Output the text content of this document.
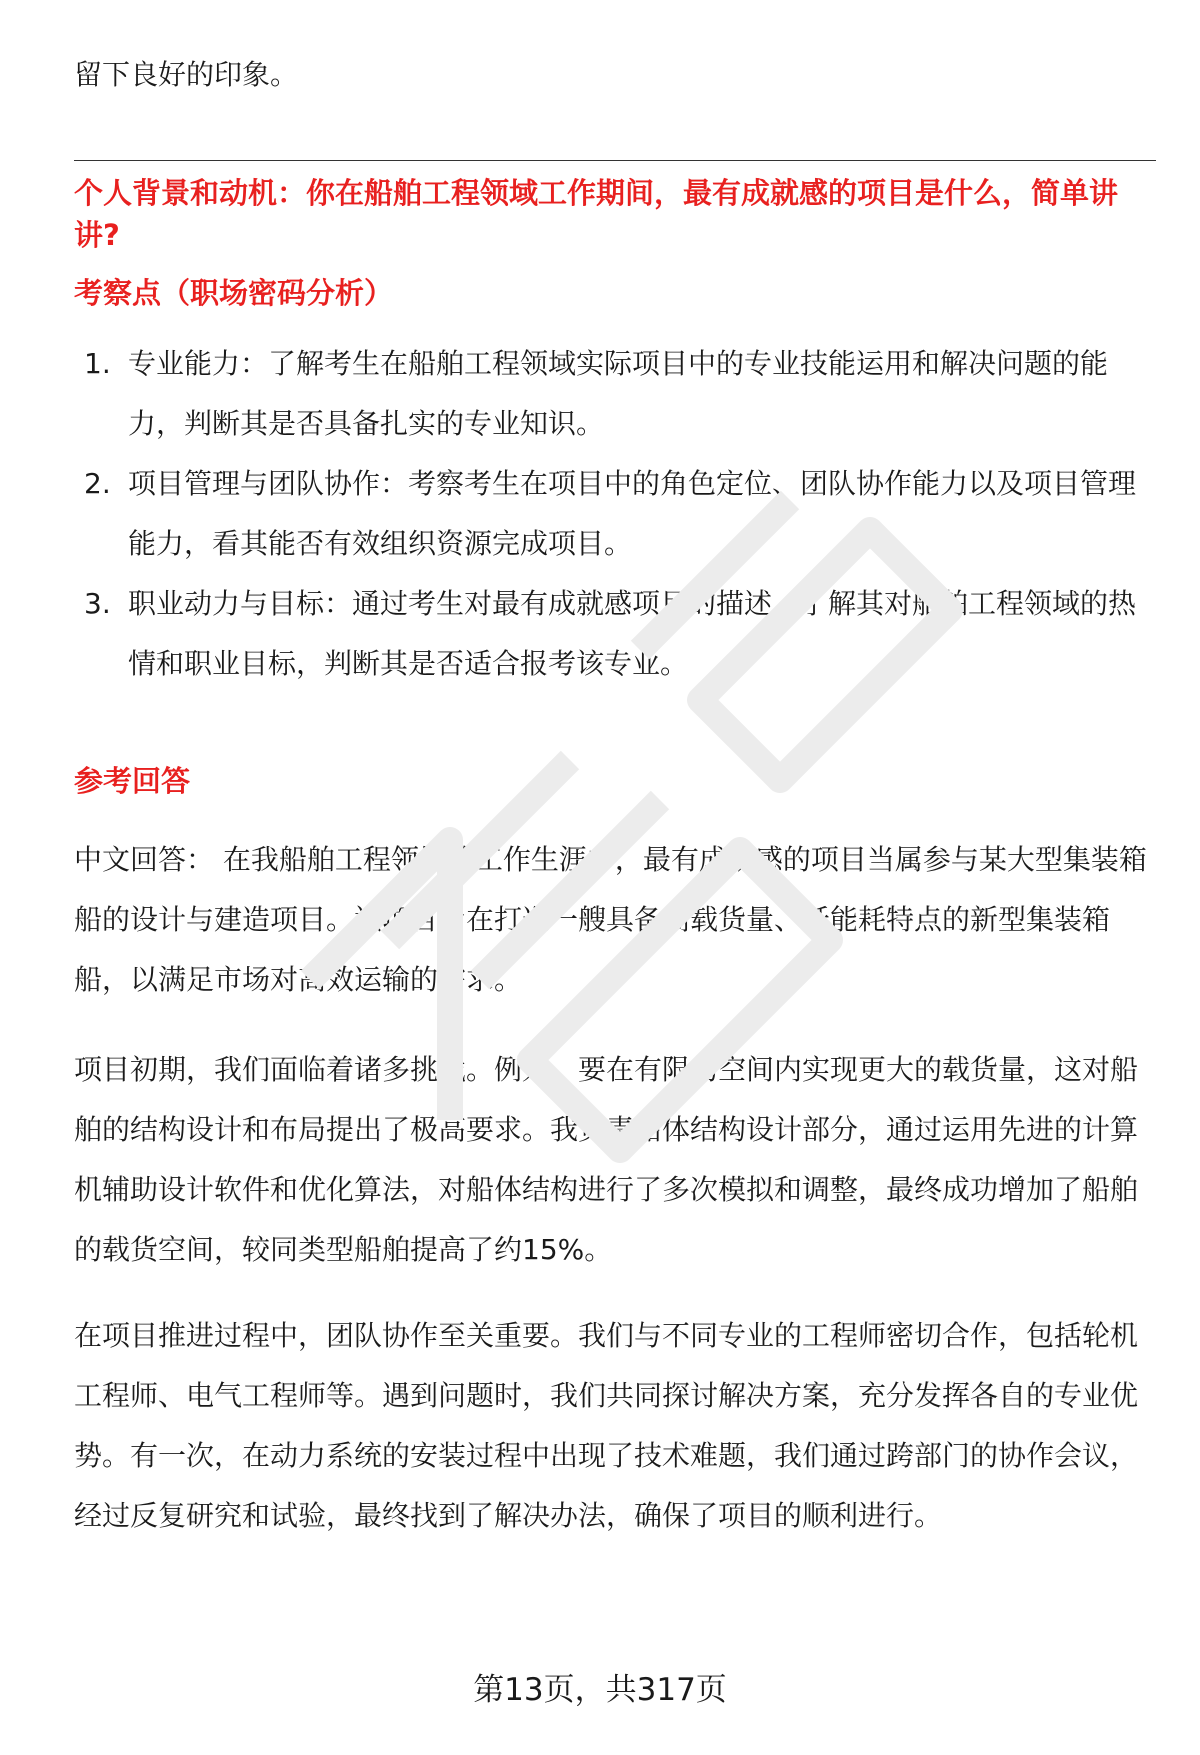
留下良好的印象。

个人背景和动机：你在船舶工程领域工作期间，最有成就感的项目是什么，简单讲讲?
考察点（职场密码分析）
1. 专业能力：了解考生在船舶工程领域实际项目中的专业技能运用和解决问题的能力，判断其是否具备扎实的专业知识。
2. 项目管理与团队协作：考察考生在项目中的角色定位、团队协作能力以及项目管理能力，看其能否有效组织资源完成项目。
3. 职业动力与目标：通过考生对最有成就感项目的描述，了解其对船舶工程领域的热情和职业目标，判断其是否适合报考该专业。
参考回答

中文回答： 在我船舶工程领域的工作生涯中，最有成就感的项目当属参与某大型集装箱船的设计与建造项目。该项目旨在打造一艘具备高载货量、低能耗特点的新型集装箱船，以满足市场对高效运输的需求。

项目初期，我们面临着诸多挑战。例如，要在有限的空间内实现更大的载货量，这对船舶的结构设计和布局提出了极高要求。我负责船体结构设计部分，通过运用先进的计算机辅助设计软件和优化算法，对船体结构进行了多次模拟和调整，最终成功增加了船舶的载货空间，较同类型船舶提高了约15%。

在项目推进过程中，团队协作至关重要。我们与不同专业的工程师密切合作，包括轮机工程师、电气工程师等。遇到问题时，我们共同探讨解决方案，充分发挥各自的专业优势。有一次，在动力系统的安装过程中出现了技术难题，我们通过跨部门的协作会议，经过反复研究和试验，最终找到了解决办法，确保了项目的顺利进行。

第13页，共317页
